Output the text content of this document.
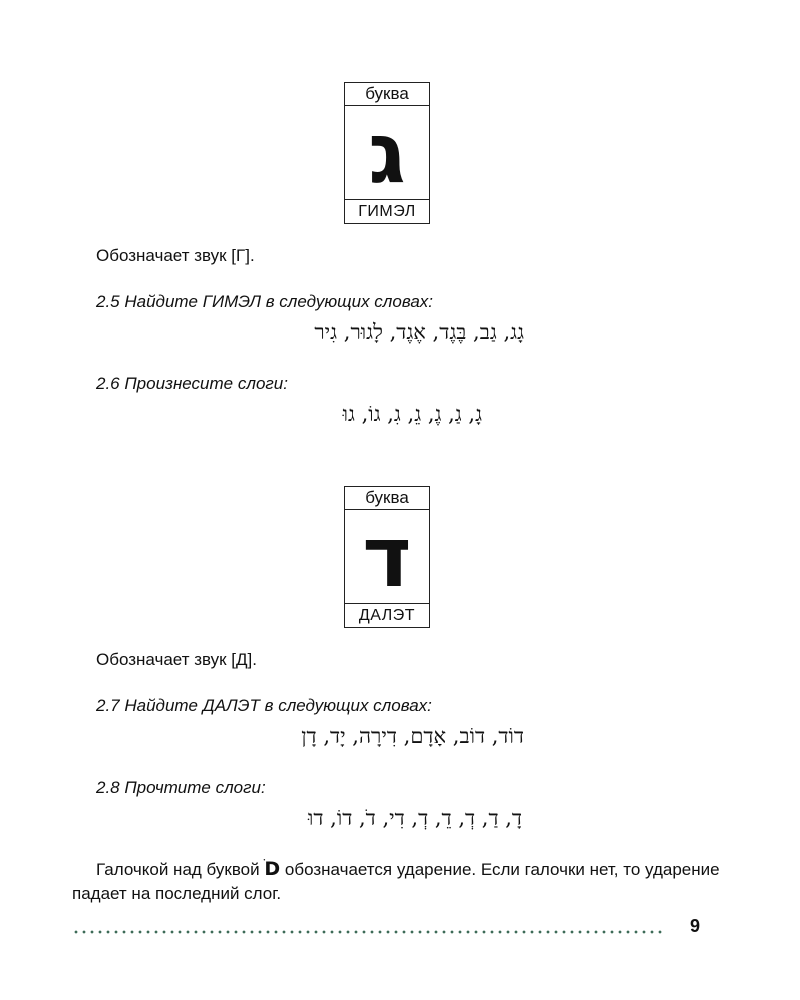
буква
ג
ГИМЭЛ
Обозначает звук [Г].
2.5 Найдите ГИМЭЛ в следующих словах:
גָג, גַב, בֶּגֶד, אֶגֶד, לָגוּר, גִיר
2.6 Произнесите слоги:
גָ, גַ, גֶ, גֵ, גִ, גוֹ, גוּ
буква
ד
ДАЛЭТ
Обозначает звук [Д].
2.7 Найдите ДАЛЭТ в следующих словах:
דוֹד, דוֹב, אָדָם, דִירָה, יָד, דָן
2.8 Прочтите слоги:
דָ, דַ, דְ, דֵ, דְ, דִי, דֹ, דוֹ, דוּ
Галочкой над буквой ׄD обозначается ударение. Если галочки нет, то ударение падает на последний слог.
9
